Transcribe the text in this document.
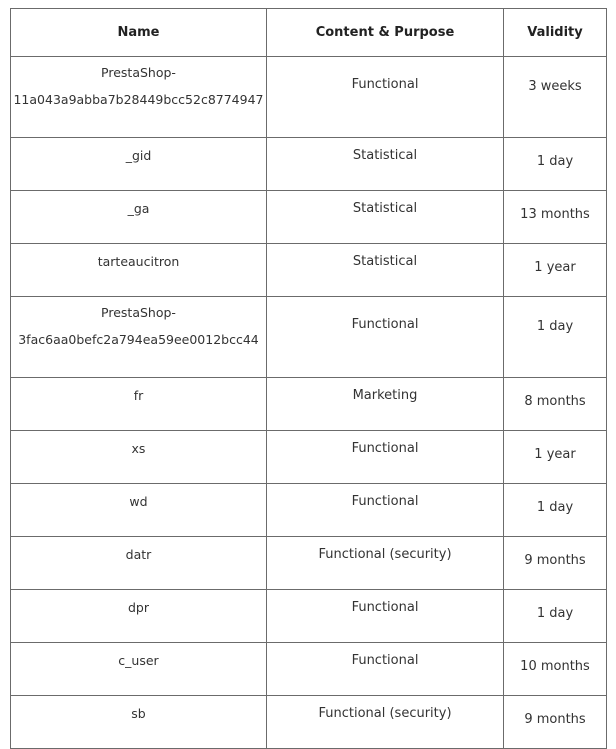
Name	Content & Purpose	Validity

PrestaShop-
11a043a9abba7b28449bcc52c8774947	Functional	3 weeks
_gid	Statistical	1 day
_ga	Statistical	13 months
tarteaucitron	Statistical	1 year

PrestaShop-
3fac6aa0befc2a794ea59ee0012bcc44	Functional	1 day
fr	Marketing	8 months
xs	Functional	1 year
wd	Functional	1 day
datr	Functional (security)	9 months
dpr	Functional	1 day
c_user	Functional	10 months
sb	Functional (security)	9 months
